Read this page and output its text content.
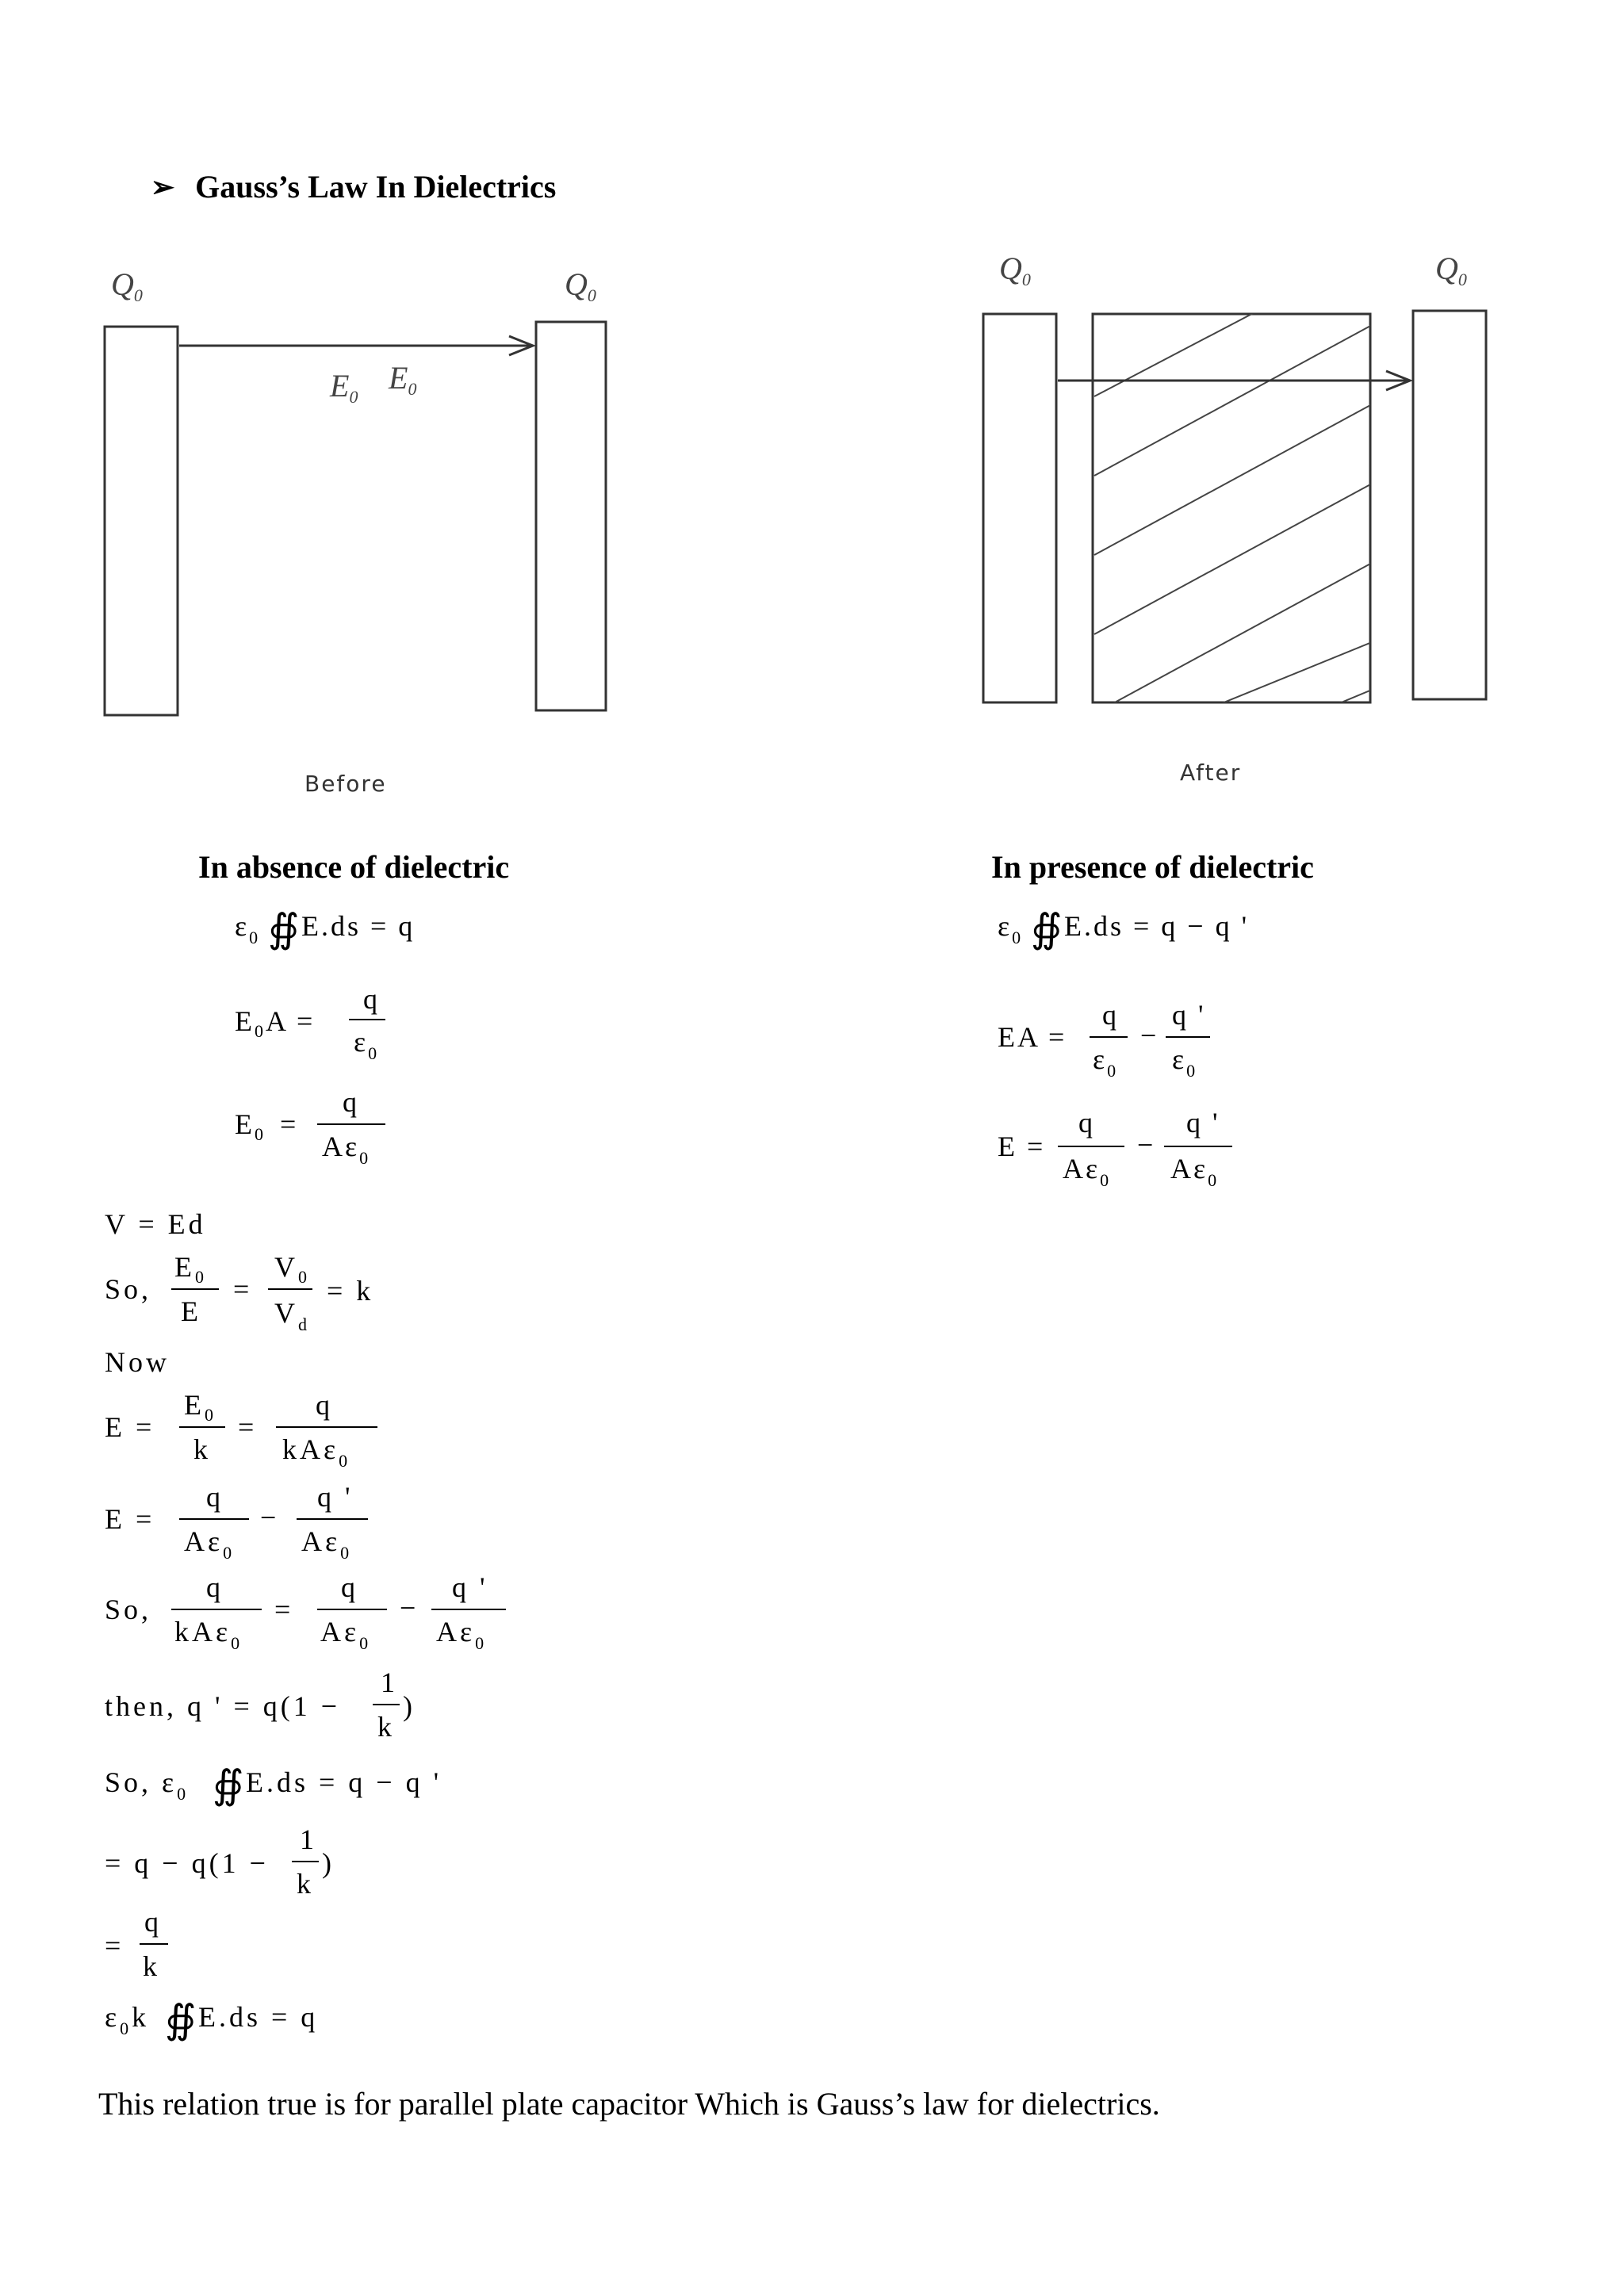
➢ Gauss’s Law In Dielectrics
$Q_0$	$Q_0$
$E_0$
$E_0$
Before
$Q_0$	$Q_0$
After
In absence of dielectric	In presence of dielectric
$\varepsilon_0$ ∯ E.ds = q
$E_0A$ =
q
$\varepsilon_0$
$E_0$ =
q
$A\varepsilon_0$
$\varepsilon_0$ ∯ E.ds = q − q '
EA =
q
$\varepsilon_0$
−
q '
$\varepsilon_0$
E =
q
$A\varepsilon_0$
−
q '
$A\varepsilon_0$
V = Ed
So,
$E_0$
E
=
$V_0$
$V_d$
= k
Now
E =
$E_0$
k
=
q
kAε$_0$
E =
q
$A\varepsilon_0$
−
q '
$A\varepsilon_0$
So,
q
kAε$_0$
=
q
$A\varepsilon_0$
−
q '
$A\varepsilon_0$
then, q ' = q(1 −
1
k
)
So, $\varepsilon_0$ ∯
E.ds = q − q '
= q − q(1 −
1
k
)
=
q
k
$\varepsilon_0k$ ∯
E.ds = q
This relation true is for parallel plate capacitor Which is Gauss’s law for dielectrics.
